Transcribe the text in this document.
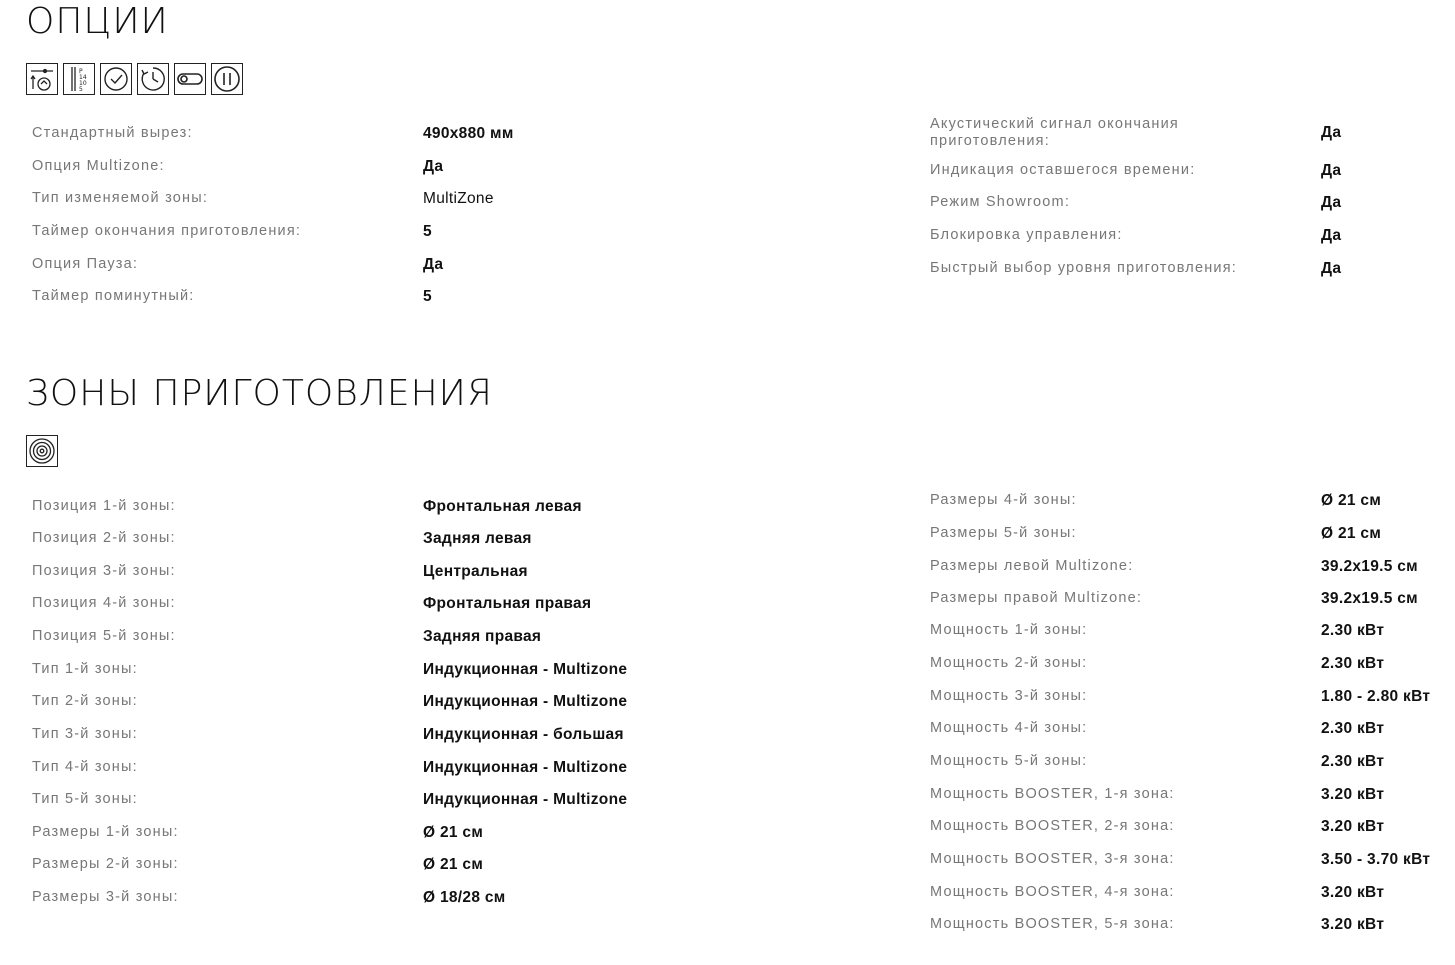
ОПЦИИ
P
14
10
5
Стандартный вырез:	490x880 мм
Опция Multizone:	Да
Тип изменяемой зоны:	MultiZone
Таймер окончания приготовления:	5
Опция Пауза:	Да
Таймер поминутный:	5
Акустический сигнал окончания приготовления:	Да
Индикация оставшегося времени:	Да
Режим Showroom:	Да
Блокировка управления:	Да
Быстрый выбор уровня приготовления:	Да
ЗОНЫ ПРИГОТОВЛЕНИЯ
Позиция 1-й зоны:	Фронтальная левая
Позиция 2-й зоны:	Задняя левая
Позиция 3-й зоны:	Центральная
Позиция 4-й зоны:	Фронтальная правая
Позиция 5-й зоны:	Задняя правая
Тип 1-й зоны:	Индукционная - Multizone
Тип 2-й зоны:	Индукционная - Multizone
Тип 3-й зоны:	Индукционная - большая
Тип 4-й зоны:	Индукционная - Multizone
Тип 5-й зоны:	Индукционная - Multizone
Размеры 1-й зоны:	Ø 21 см
Размеры 2-й зоны:	Ø 21 см
Размеры 3-й зоны:	Ø 18/28 см
Размеры 4-й зоны:	Ø 21 см
Размеры 5-й зоны:	Ø 21 см
Размеры левой Multizone:	39.2x19.5 см
Размеры правой Multizone:	39.2x19.5 см
Мощность 1-й зоны:	2.30 кВт
Мощность 2-й зоны:	2.30 кВт
Мощность 3-й зоны:	1.80 - 2.80 кВт
Мощность 4-й зоны:	2.30 кВт
Мощность 5-й зоны:	2.30 кВт
Мощность BOOSTER, 1-я зона:	3.20 кВт
Мощность BOOSTER, 2-я зона:	3.20 кВт
Мощность BOOSTER, 3-я зона:	3.50 - 3.70 кВт
Мощность BOOSTER, 4-я зона:	3.20 кВт
Мощность BOOSTER, 5-я зона:	3.20 кВт
